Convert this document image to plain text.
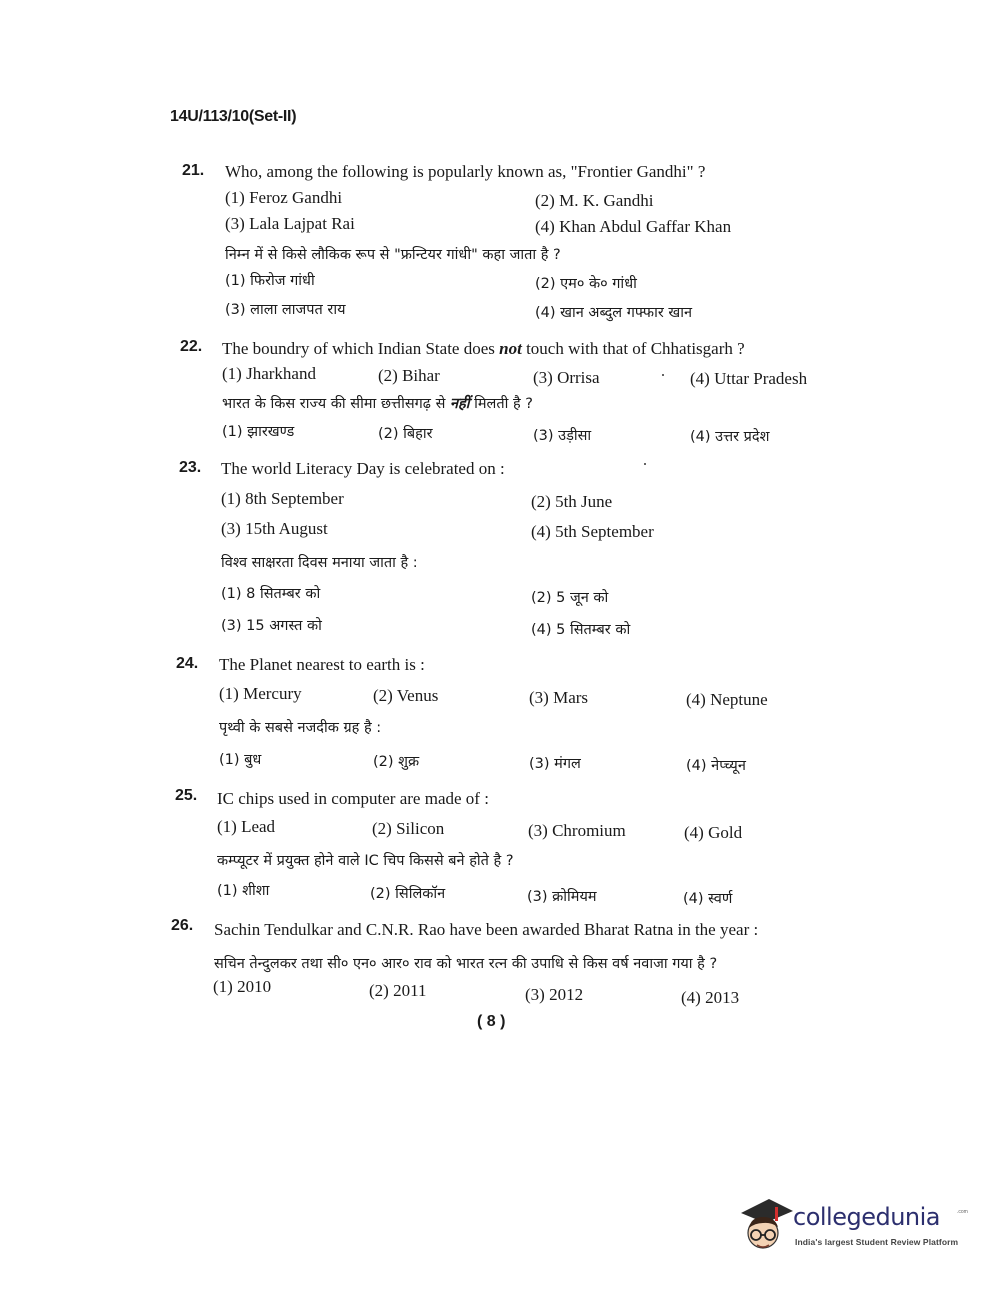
14U/113/10(Set-II)
21. Who, among the following is popularly known as, "Frontier Gandhi" ?
(1) Feroz Gandhi	(2) M. K. Gandhi
(3) Lala Lajpat Rai	(4) Khan Abdul Gaffar Khan
निम्न में से किसे लौकिक रूप से "फ्रन्टियर गांधी" कहा जाता है ?
(1) फिरोज गांधी	(2) एम० के० गांधी
(3) लाला लाजपत राय	(4) खान अब्दुल गफ्फार खान
22. The boundry of which Indian State does not touch with that of Chhatisgarh ?
(1) Jharkhand	(2) Bihar	(3) Orrisa	(4) Uttar Pradesh
भारत के किस राज्य की सीमा छत्तीसगढ़ से नहीं मिलती है ?
(1) झारखण्ड	(2) बिहार	(3) उड़ीसा	(4) उत्तर प्रदेश
23. The world Literacy Day is celebrated on :
(1) 8th September	(2) 5th June
(3) 15th August	(4) 5th September
विश्व साक्षरता दिवस मनाया जाता है :
(1) 8 सितम्बर को	(2) 5 जून को
(3) 15 अगस्त को	(4) 5 सितम्बर को
24. The Planet nearest to earth is :
(1) Mercury	(2) Venus	(3) Mars	(4) Neptune
पृथ्वी के सबसे नजदीक ग्रह है :
(1) बुध	(2) शुक्र	(3) मंगल	(4) नेप्च्यून
25. IC chips used in computer are made of :
(1) Lead	(2) Silicon	(3) Chromium	(4) Gold
कम्प्यूटर में प्रयुक्त होने वाले IC चिप किससे बने होते है ?
(1) शीशा	(2) सिलिकॉन	(3) क्रोमियम	(4) स्वर्ण
26. Sachin Tendulkar and C.N.R. Rao have been awarded Bharat Ratna in the year :
सचिन तेन्दुलकर तथा सी० एन० आर० राव को भारत रत्न की उपाधि से किस वर्ष नवाजा गया है ?
(1) 2010	(2) 2011	(3) 2012	(4) 2013
( 8 )
collegedunia	.com
India's largest Student Review Platform
